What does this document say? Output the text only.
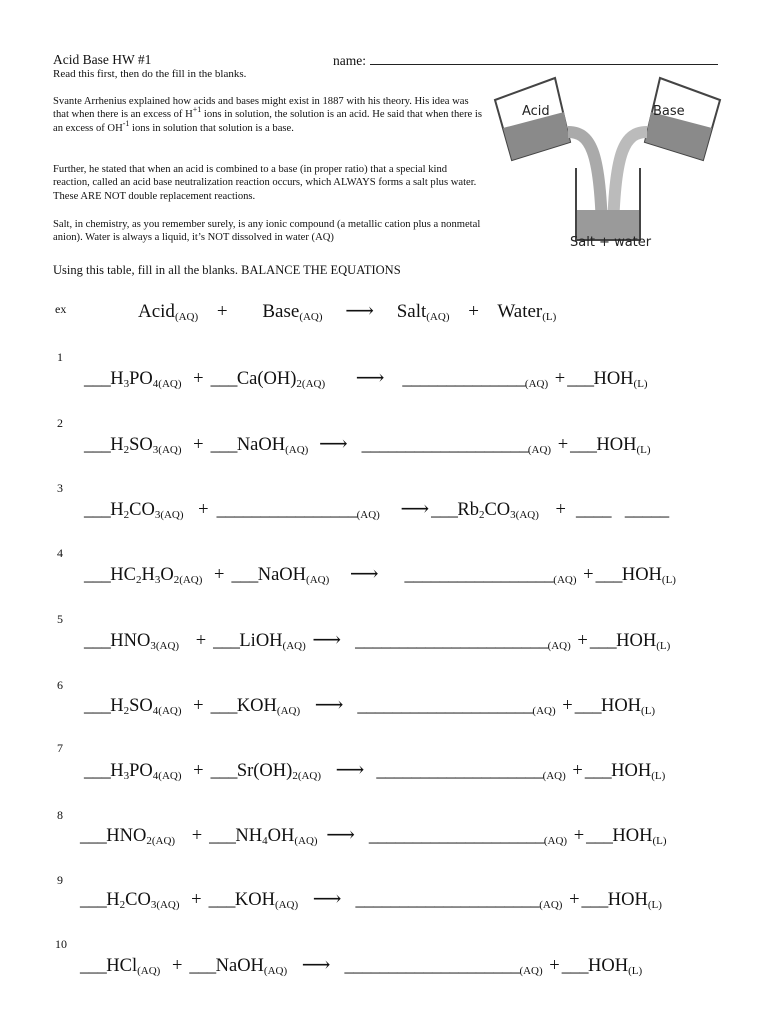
Acid Base HW #1	name:
Read this first, then do the fill in the blanks.
Svante Arrhenius explained how acids and bases might exist in 1887 with his theory. His idea was that when there is an excess of $H^{+1}$ ions in solution, the solution is an acid. He said that when there is an excess of $OH^{-1}$ ions in solution that solution is a base.
Further, he stated that when an acid is combined to a base (in proper ratio) that a special kind reaction, called an acid base neutralization reaction occurs, which ALWAYS forms a salt plus water. These ARE NOT double replacement reactions.
Salt, in chemistry, as you remember surely, is any ionic compound (a metallic cation plus a nonmetal anion). Water is always a liquid, it’s NOT dissolved in water (AQ)
Acid	Base
Salt + water
Using this table, fill in all the blanks. BALANCE THE EQUATIONS
ex	Acid$_{(AQ)}$ + Base$_{(AQ)}$ ⟶ Salt$_{(AQ)}$ + Water$_{(L)}$
1
$\_\_\_H_3PO_{4(AQ)}$ + $\_\_\_Ca(OH)_{2(AQ)}$ ⟶ $\_\_\_\_\_\_\_\_\_\_\_\_\_\__{(AQ)}$ + $\_\_\_HOH_{(L)}$
2
$\_\_\_H_2SO_{3(AQ)}$ + ___NaOH$_{(AQ)}$ ⟶ $\_\_\_\_\_\_\_\_\_\_\_\_\_\_\_\_\_\_\__{(AQ)}$ + $\_\_\_HOH_{(L)}$
3
$\_\_\_H_2CO_{3(AQ)}$ + $\_\_\_\_\_\_\_\_\_\_\_\_\_\_\_\__{(AQ)}$ ⟶ $\_\_\_Rb_2CO_{3(AQ)}$ + ____ _____
4
$\_\_\_HC_2H_3O_{2(AQ)}$ + ___NaOH$_{(AQ)}$ ⟶ $\_\_\_\_\_\_\_\_\_\_\_\_\_\_\_\_\__{(AQ)}$ + $\_\_\_HOH_{(L)}$
5
$\_\_\_HNO_{3(AQ)}$ + ___LiOH$_{(AQ)}$ ⟶ $\_\_\_\_\_\_\_\_\_\_\_\_\_\_\_\_\_\_\_\_\_\__{(AQ)}$ + $\_\_\_HOH_{(L)}$
6
$\_\_\_H_2SO_{4(AQ)}$ + $\_\_\_KOH_{(AQ)}$ ⟶ $\_\_\_\_\_\_\_\_\_\_\_\_\_\_\_\_\_\_\_\__{(AQ)}$ + $\_\_\_HOH_{(L)}$
7
$\_\_\_H_3PO_{4(AQ)}$ + $\_\_\_Sr(OH)_{2(AQ)}$ ⟶ $\_\_\_\_\_\_\_\_\_\_\_\_\_\_\_\_\_\_\__{(AQ)}$ + $\_\_\_HOH_{(L)}$
8
$\_\_\_HNO_{2(AQ)}$ + $\_\_\_NH_4OH_{(AQ)}$ ⟶ $\_\_\_\_\_\_\_\_\_\_\_\_\_\_\_\_\_\_\_\__{(AQ)}$ + $\_\_\_HOH_{(L)}$
9
$\_\_\_H_2CO_{3(AQ)}$ + $\_\_\_KOH_{(AQ)}$ ⟶ $\_\_\_\_\_\_\_\_\_\_\_\_\_\_\_\_\_\_\_\_\__{(AQ)}$ + $\_\_\_HOH_{(L)}$
10
___HCl$_{(AQ)}$ + ___NaOH$_{(AQ)}$ ⟶ $\_\_\_\_\_\_\_\_\_\_\_\_\_\_\_\_\_\_\_\__{(AQ)}$ + $\_\_\_HOH_{(L)}$
